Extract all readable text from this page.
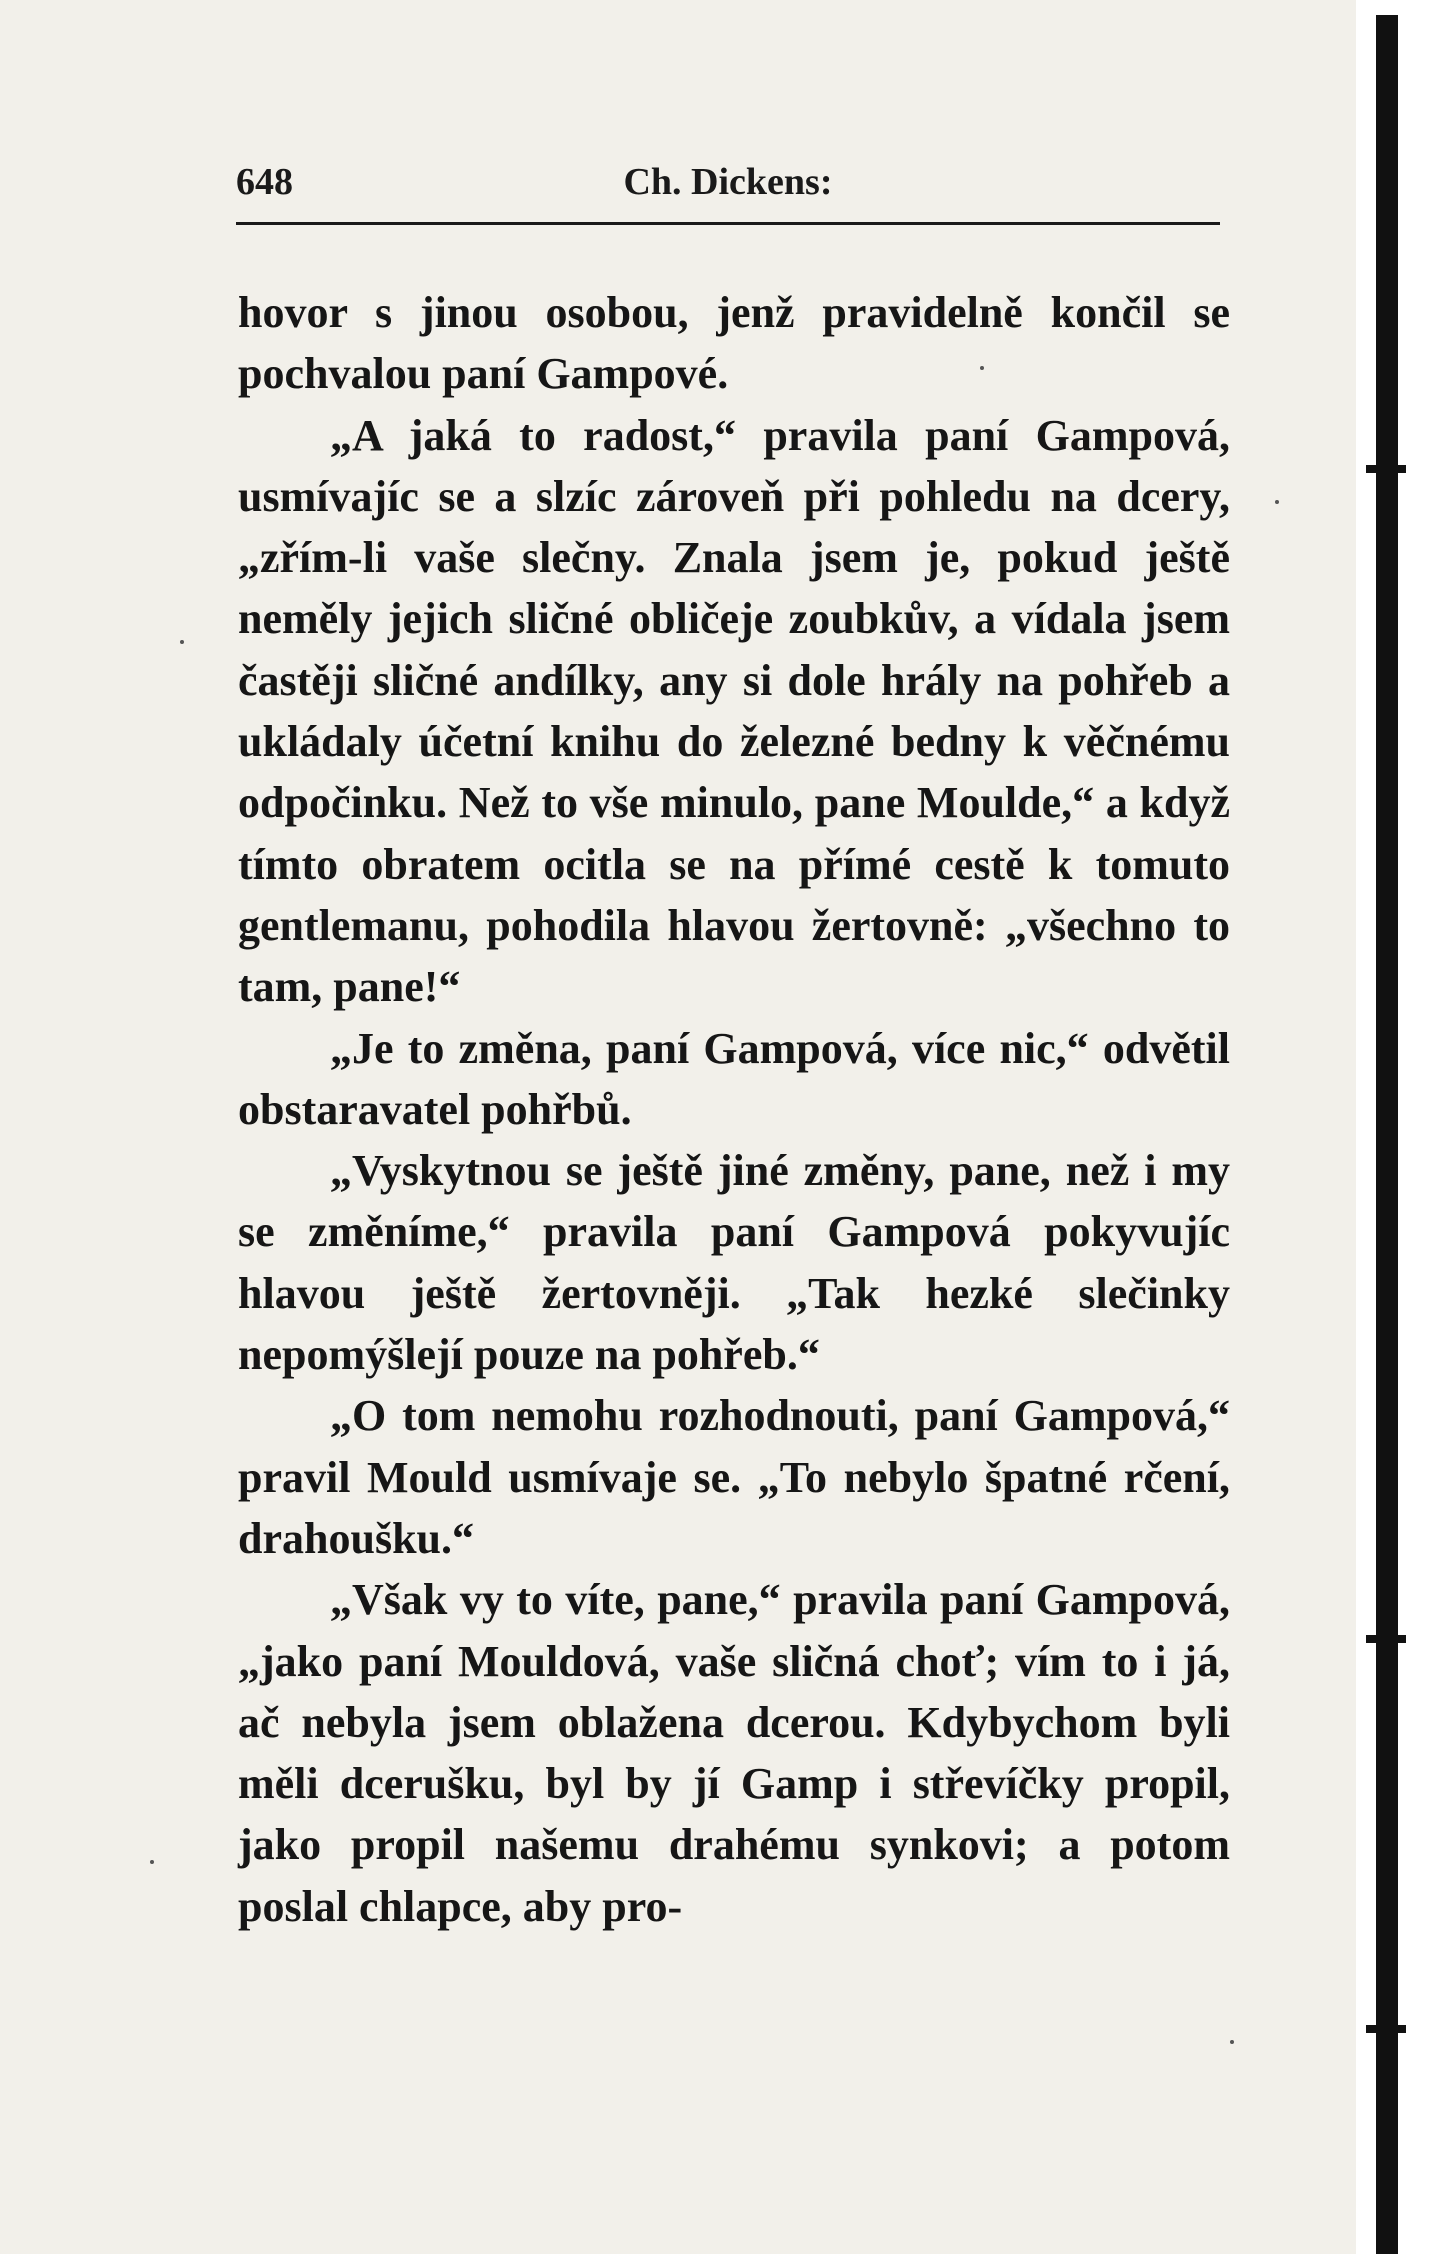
648	Ch. Dickens:

hovor s jinou osobou, jenž pravidelně končil se pochvalou paní Gampové.

„A jaká to radost,“ pravila paní Gampová, usmívajíc se a slzíc zároveň při pohledu na dcery, „zřím-li vaše slečny. Znala jsem je, pokud ještě neměly jejich sličné obličeje zoubkův, a vídala jsem častěji sličné andílky, any si dole hrály na pohřeb a ukládaly účetní knihu do železné bedny k věčnému odpočinku. Než to vše minulo, pane Moulde,“ a když tímto obratem ocitla se na přímé cestě k tomuto gentlemanu, pohodila hlavou žertovně: „všechno to tam, pane!“

„Je to změna, paní Gampová, více nic,“ odvětil obstaravatel pohřbů.

„Vyskytnou se ještě jiné změny, pane, než i my se změníme,“ pravila paní Gampová pokyvujíc hlavou ještě žertovněji. „Tak hezké slečinky nepomýšlejí pouze na pohřeb.“

„O tom nemohu rozhodnouti, paní Gampová,“ pravil Mould usmívaje se. „To nebylo špatné rčení, drahoušku.“

„Však vy to víte, pane,“ pravila paní Gampová, „jako paní Mouldová, vaše sličná choť; vím to i já, ač nebyla jsem oblažena dcerou. Kdybychom byli měli dcerušku, byl by jí Gamp i střevíčky propil, jako propil našemu drahému synkovi; a potom poslal chlapce, aby pro-
